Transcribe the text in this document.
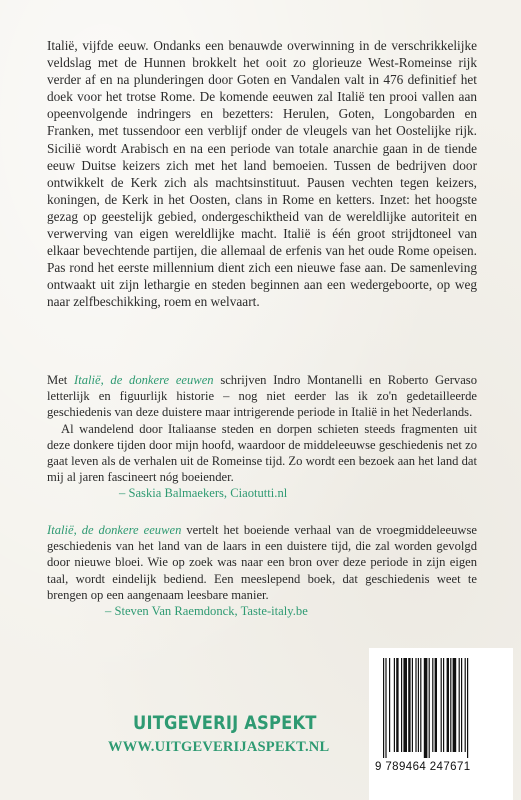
Italië, vijfde eeuw. Ondanks een benauwde overwinning in de verschrikkelijke veldslag met de Hunnen brokkelt het ooit zo glorieuze West-Romeinse rijk verder af en na plunderingen door Goten en Vandalen valt in 476 definitief het doek voor het trotse Rome. De komende eeuwen zal Italië ten prooi vallen aan opeenvolgende indringers en bezetters: Herulen, Goten, Longobarden en Franken, met tussendoor een verblijf onder de vleugels van het Oostelijke rijk. Sicilië wordt Arabisch en na een periode van totale anarchie gaan in de tiende eeuw Duitse keizers zich met het land bemoeien. Tussen de bedrijven door ontwikkelt de Kerk zich als machtsinstituut. Pausen vechten tegen keizers, koningen, de Kerk in het Oosten, clans in Rome en ketters. Inzet: het hoogste gezag op geestelijk gebied, ondergeschiktheid van de wereldlijke autoriteit en verwerving van eigen wereldlijke macht. Italië is één groot strijdtoneel van elkaar bevechtende partijen, die allemaal de erfenis van het oude Rome opeisen. Pas rond het eerste millennium dient zich een nieuwe fase aan. De samenleving ontwaakt uit zijn lethargie en steden beginnen aan een wedergeboorte, op weg naar zelfbeschikking, roem en welvaart.

Met Italië, de donkere eeuwen schrijven Indro Montanelli en Roberto Gervaso letterlijk en figuurlijk historie – nog niet eerder las ik zo'n gedetailleerde geschiedenis van deze duistere maar intrigerende periode in Italië in het Nederlands.

Al wandelend door Italiaanse steden en dorpen schieten steeds fragmenten uit deze donkere tijden door mijn hoofd, waardoor de middeleeuwse geschiedenis net zo gaat leven als de verhalen uit de Romeinse tijd. Zo wordt een bezoek aan het land dat mij al jaren fascineert nóg boeiender.

– Saskia Balmaekers, Ciaotutti.nl

Italië, de donkere eeuwen vertelt het boeiende verhaal van de vroegmiddeleeuwse geschiedenis van het land van de laars in een duistere tijd, die zal worden gevolgd door nieuwe bloei. Wie op zoek was naar een bron over deze periode in zijn eigen taal, wordt eindelijk bediend. Een meeslepend boek, dat geschiedenis weet te brengen op een aangenaam leesbare manier.

– Steven Van Raemdonck, Taste-italy.be

UITGEVERIJ ASPEKT
WWW.UITGEVERIJASPEKT.NL
9 789464 247671
